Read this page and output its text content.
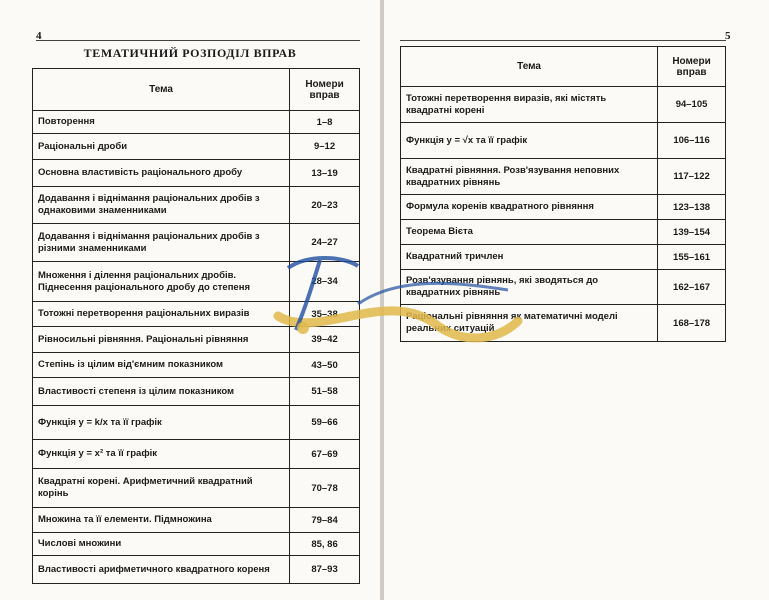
4
ТЕМАТИЧНИЙ РОЗПОДІЛ ВПРАВ
Тема	Номери вправ
Повторення	1–8
Раціональні дроби	9–12
Основна властивість раціонального дробу	13–19
Додавання і віднімання раціональних дробів з однаковими знаменниками	20–23
Додавання і віднімання раціональних дробів з різними знаменниками	24–27
Множення і ділення раціональних дробів. Піднесення раціонального дробу до степеня	28–34
Тотожні перетворення раціональних виразів	35–38
Рівносильні рівняння. Раціональні рівняння	39–42
Степінь із цілим від'ємним показником	43–50
Властивості степеня із цілим показником	51–58
Функція y = k/x та її графік	59–66
Функція y = x² та її графік	67–69
Квадратні корені. Арифметичний квадратний корінь	70–78
Множина та її елементи. Підмножина	79–84
Числові множини	85, 86
Властивості арифметичного квадратного кореня	87–93
5
Тема	Номери вправ
Тотожні перетворення виразів, які містять квадратні корені	94–105
Функція y = √x та її графік	106–116
Квадратні рівняння. Розв'язування неповних квадратних рівнянь	117–122
Формула коренів квадратного рівняння	123–138
Теорема Вієта	139–154
Квадратний тричлен	155–161
Розв'язування рівнянь, які зводяться до квадратних рівнянь	162–167
Раціональні рівняння як математичні моделі реальних ситуацій	168–178
